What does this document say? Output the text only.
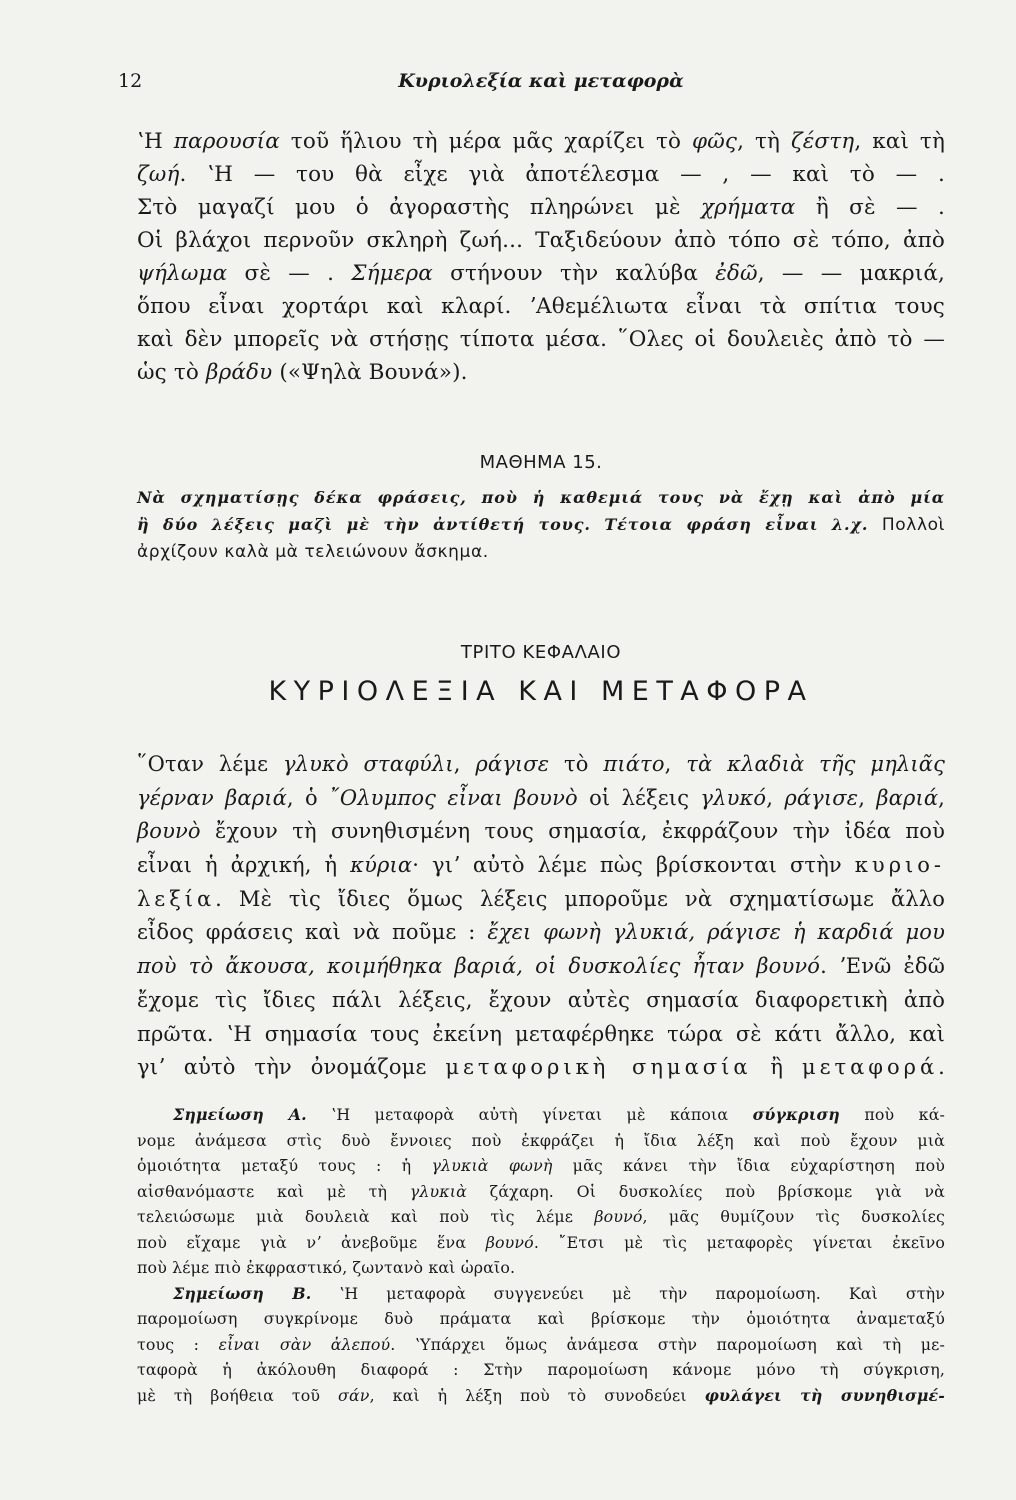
12	Κυριολεξία καὶ μεταφορὰ
ʽΗ παρουσία τοῦ ἥλιου τὴ μέρα μᾶς χαρίζει τὸ φῶς, τὴ ζέστη, καὶ τὴ
ζωή. ʽΗ — του θὰ εἶχε γιὰ ἀποτέλεσμα — , — καὶ τὸ — .
Στὸ μαγαζί μου ὁ ἀγοραστὴς πληρώνει μὲ χρήματα ἢ σὲ — .
Οἱ βλάχοι περνοῦν σκληρὴ ζωή... Ταξιδεύουν ἀπὸ τόπο σὲ τόπο, ἀπὸ
ψήλωμα σὲ — . Σήμερα στήνουν τὴν καλύβα ἐδῶ, — — μακριά,
ὅπου εἶναι χορτάρι καὶ κλαρί. ʼΑθεμέλιωτα εἶναι τὰ σπίτια τους
καὶ δὲν μπορεῖς νὰ στήσῃς τίποτα μέσα. ῞Ολες οἱ δουλειὲς ἀπὸ τὸ —
ὡς τὸ βράδυ («Ψηλὰ Βουνά»).
ΜΑΘΗΜΑ 15.
Νὰ σχηματίσῃς δέκα φράσεις, ποὺ ἡ καθεμιά τους νὰ ἔχῃ καὶ ἀπὸ μία
ἢ δύο λέξεις μαζὶ μὲ τὴν ἀντίθετή τους. Τέτοια φράση εἶναι λ.χ. Πολλοὶ
ἀρχίζουν καλὰ μὰ τελειώνουν ἄσκημα.
ΤΡΙΤΟ ΚΕΦΑΛΑΙΟ
ΚΥΡΙΟΛΕΞΙΑ ΚΑΙ ΜΕΤΑΦΟΡΑ
῞Οταν λέμε γλυκὸ σταφύλι, ράγισε τὸ πιάτο, τὰ κλαδιὰ τῆς μηλιᾶς
γέρναν βαριά, ὁ ῎Ολυμπος εἶναι βουνὸ οἱ λέξεις γλυκό, ράγισε, βαριά,
βουνὸ ἔχουν τὴ συνηθισμένη τους σημασία, ἐκφράζουν τὴν ἰδέα ποὺ
εἶναι ἡ ἀρχική, ἡ κύρια· γιʼ αὐτὸ λέμε πὼς βρίσκονται στὴν κυριο-
λεξία. Μὲ τὶς ἴδιες ὅμως λέξεις μποροῦμε νὰ σχηματίσωμε ἄλλο
εἶδος φράσεις καὶ νὰ ποῦμε : ἔχει φωνὴ γλυκιά, ράγισε ἡ καρδιά μου
ποὺ τὸ ἄκουσα, κοιμήθηκα βαριά, οἱ δυσκολίες ἦταν βουνό. ʼΕνῶ ἐδῶ
ἔχομε τὶς ἴδιες πάλι λέξεις, ἔχουν αὐτὲς σημασία διαφορετικὴ ἀπὸ
πρῶτα. ʽΗ σημασία τους ἐκείνη μεταφέρθηκε τώρα σὲ κάτι ἄλλο, καὶ
γιʼ αὐτὸ τὴν ὀνομάζομε μεταφορικὴ σημασία ἢ μεταφορά.
Σημείωση Α. ʽΗ μεταφορὰ αὐτὴ γίνεται μὲ κάποια σύγκριση ποὺ κά-
νομε ἀνάμεσα στὶς δυὸ ἔννοιες ποὺ ἐκφράζει ἡ ἴδια λέξη καὶ ποὺ ἔχουν μιὰ
ὁμοιότητα μεταξύ τους : ἡ γλυκιὰ φωνὴ μᾶς κάνει τὴν ἴδια εὐχαρίστηση ποὺ
αἰσθανόμαστε καὶ μὲ τὴ γλυκιὰ ζάχαρη. Οἱ δυσκολίες ποὺ βρίσκομε γιὰ νὰ
τελειώσωμε μιὰ δουλειὰ καὶ ποὺ τὶς λέμε βουνό, μᾶς θυμίζουν τὶς δυσκολίες
ποὺ εἴχαμε γιὰ νʼ ἀνεβοῦμε ἕνα βουνό. ῎Ετσι μὲ τὶς μεταφορὲς γίνεται ἐκεῖνο
ποὺ λέμε πιὸ ἐκφραστικό, ζωντανὸ καὶ ὡραῖο.
Σημείωση Β. ʽΗ μεταφορὰ συγγενεύει μὲ τὴν παρομοίωση. Καὶ στὴν
παρομοίωση συγκρίνομε δυὸ πράματα καὶ βρίσκομε τὴν ὁμοιότητα ἀναμεταξύ
τους : εἶναι σὰν ἀλεπού. ʽΥπάρχει ὅμως ἀνάμεσα στὴν παρομοίωση καὶ τὴ με-
ταφορὰ ἡ ἀκόλουθη διαφορά : Στὴν παρομοίωση κάνομε μόνο τὴ σύγκριση,
μὲ τὴ βοήθεια τοῦ σάν, καὶ ἡ λέξη ποὺ τὸ συνοδεύει φυλάγει τὴ συνηθισμέ-
